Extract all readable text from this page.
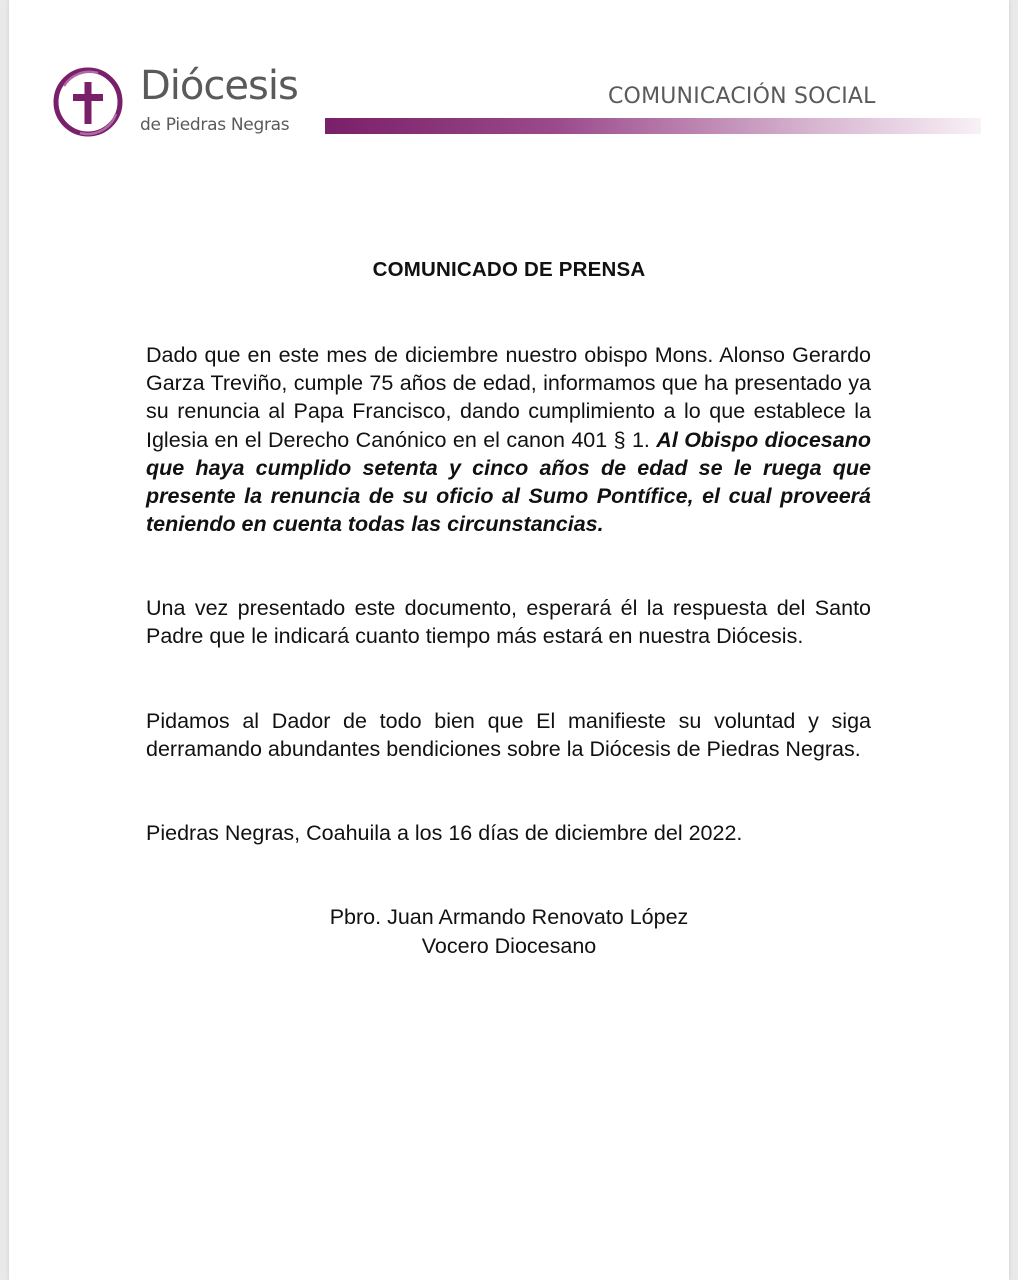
Diócesis
de Piedras Negras
COMUNICACIÓN SOCIAL
COMUNICADO DE PRENSA

Dado que en este mes de diciembre nuestro obispo Mons. Alonso Gerardo Garza Treviño, cumple 75 años de edad, informamos que ha presentado ya su renuncia al Papa Francisco, dando cumplimiento a lo que establece la Iglesia en el Derecho Canónico en el canon 401 § 1. Al Obispo diocesano que haya cumplido setenta y cinco años de edad se le ruega que presente la renuncia de su oficio al Sumo Pontífice, el cual proveerá teniendo en cuenta todas las circunstancias.

Una vez presentado este documento, esperará él la respuesta del Santo Padre que le indicará cuanto tiempo más estará en nuestra Diócesis.

Pidamos al Dador de todo bien que El manifieste su voluntad y siga derramando abundantes bendiciones sobre la Diócesis de Piedras Negras.

Piedras Negras, Coahuila a los 16 días de diciembre del 2022.

Pbro. Juan Armando Renovato López
Vocero Diocesano
